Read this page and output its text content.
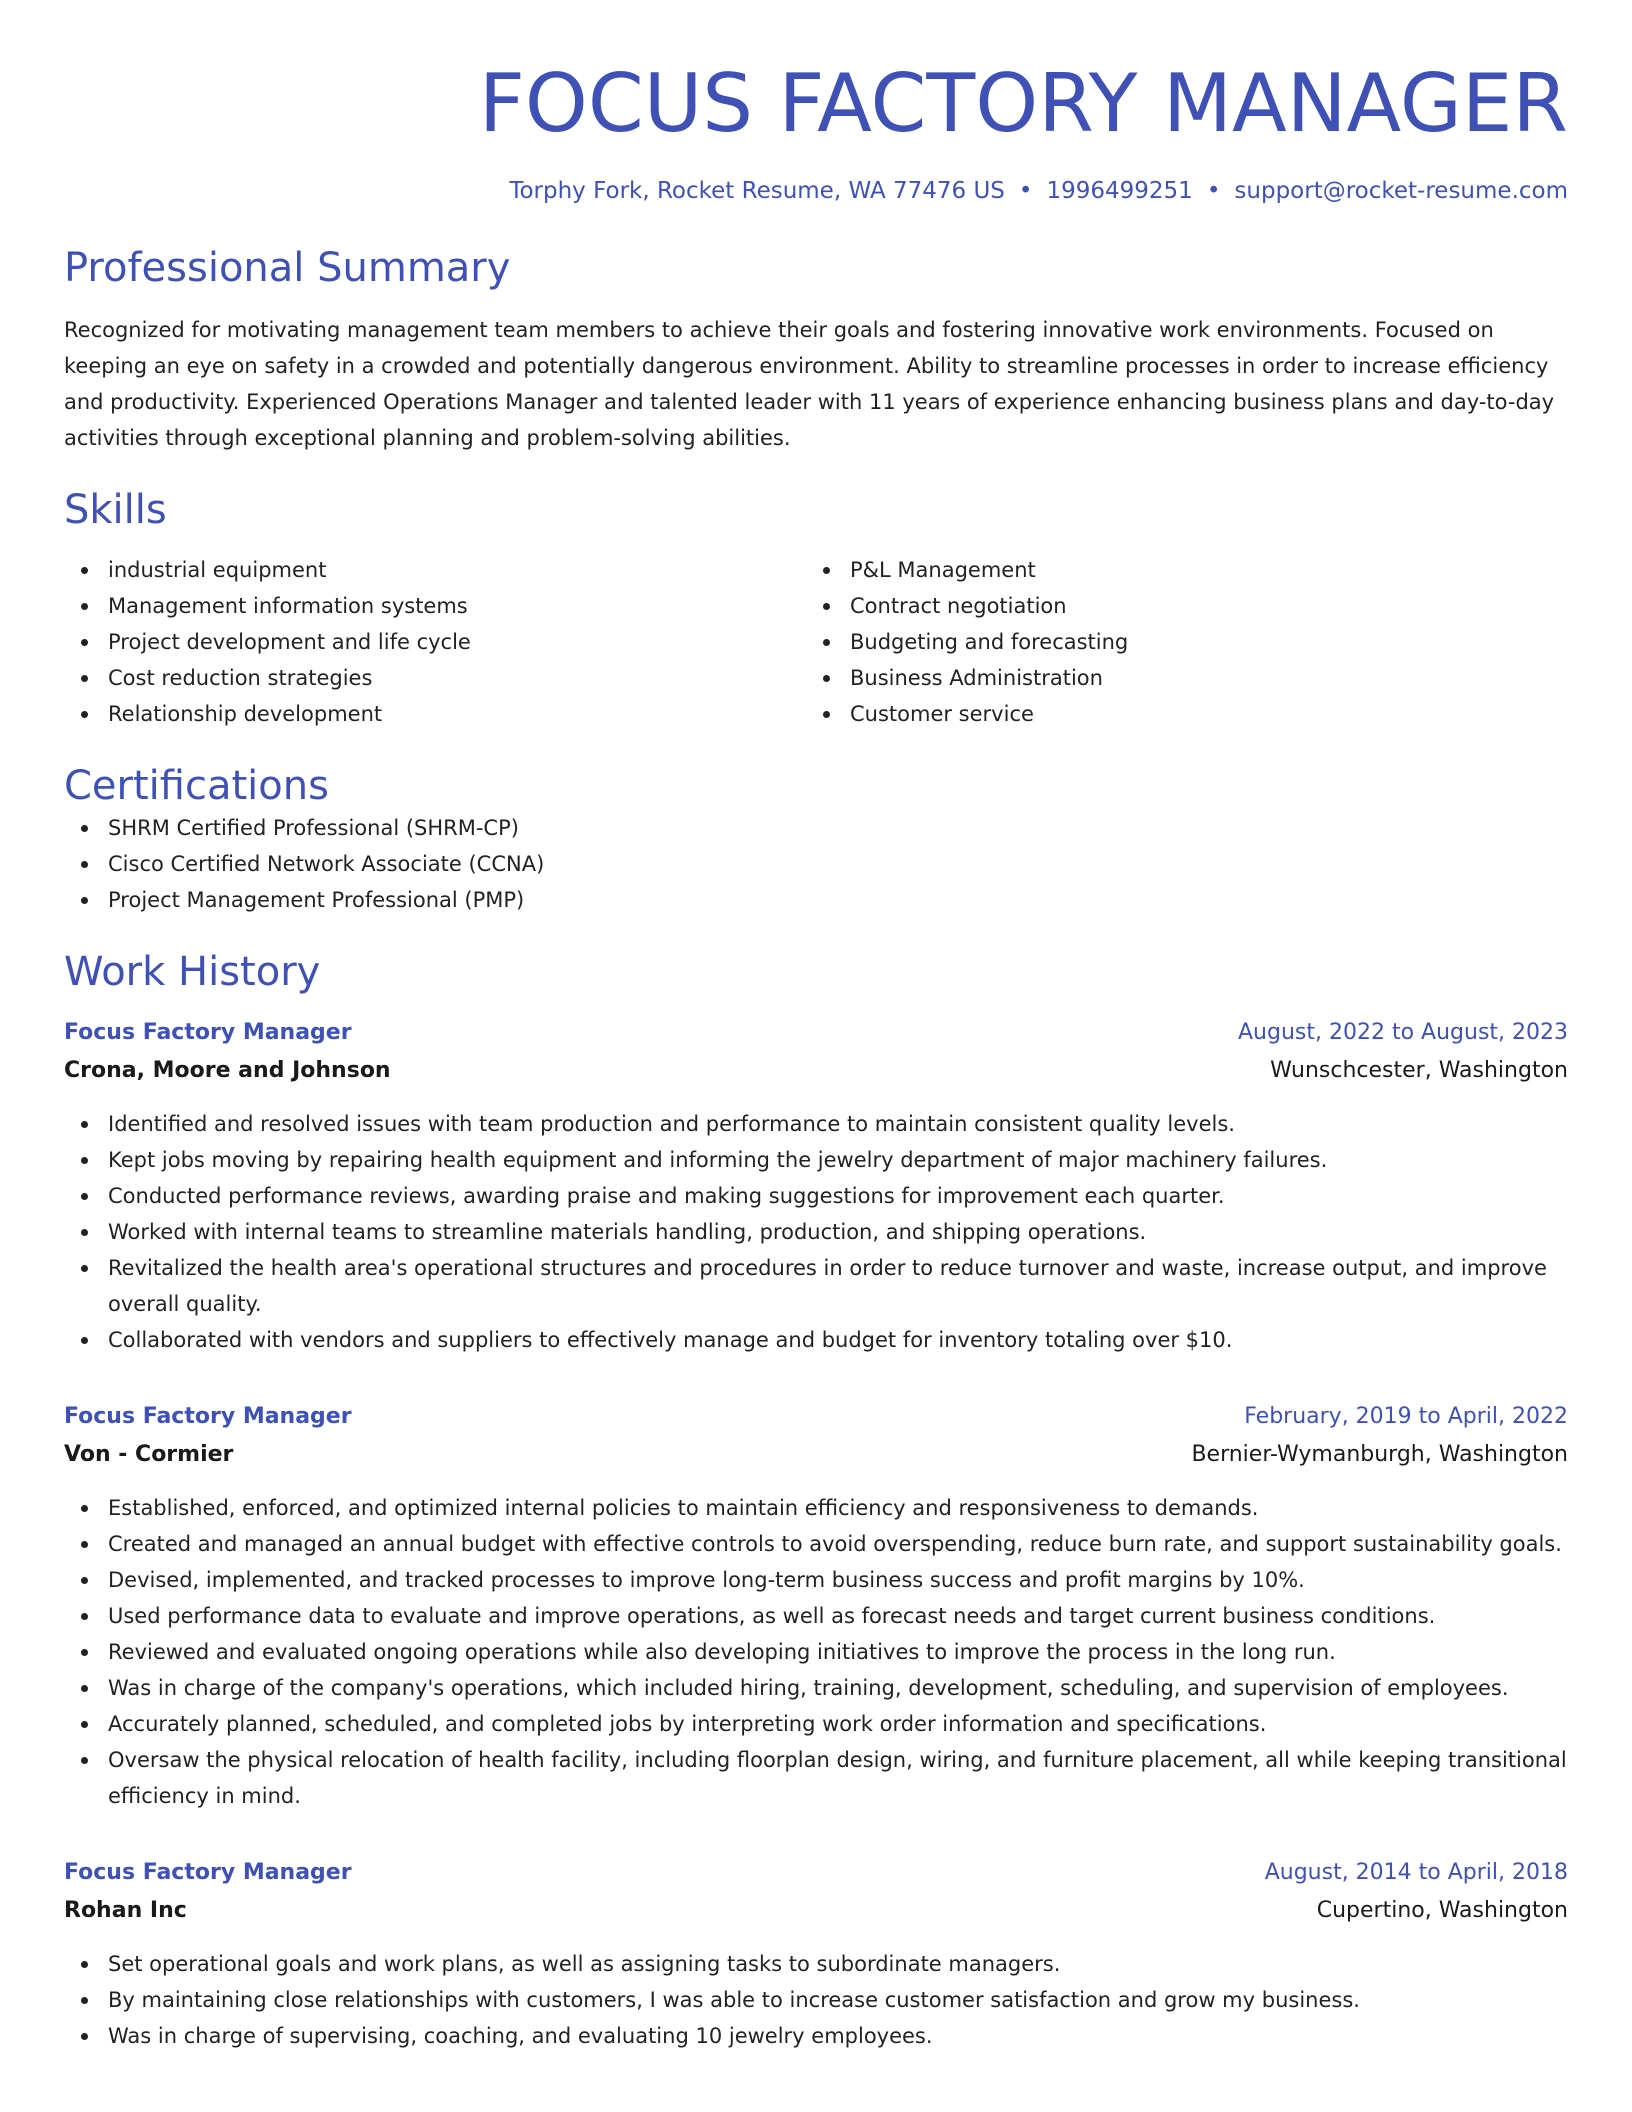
FOCUS FACTORY MANAGER
Torphy Fork, Rocket Resume, WA 77476 US • 1996499251 • support@rocket-resume.com
Professional Summary

Recognized for motivating management team members to achieve their goals and fostering innovative work environments. Focused on keeping an eye on safety in a crowded and potentially dangerous environment. Ability to streamline processes in order to increase efficiency and productivity. Experienced Operations Manager and talented leader with 11 years of experience enhancing business plans and day-to-day activities through exceptional planning and problem-solving abilities.

Skills
industrial equipment
Management information systems
Project development and life cycle
Cost reduction strategies
Relationship development
P&L Management
Contract negotiation
Budgeting and forecasting
Business Administration
Customer service
Certifications
SHRM Certified Professional (SHRM-CP)
Cisco Certified Network Associate (CCNA)
Project Management Professional (PMP)
Work History
Focus Factory Manager	August, 2022 to August, 2023
Crona, Moore and Johnson	Wunschcester, Washington
Identified and resolved issues with team production and performance to maintain consistent quality levels.
Kept jobs moving by repairing health equipment and informing the jewelry department of major machinery failures.
Conducted performance reviews, awarding praise and making suggestions for improvement each quarter.
Worked with internal teams to streamline materials handling, production, and shipping operations.
Revitalized the health area's operational structures and procedures in order to reduce turnover and waste, increase output, and improve overall quality.
Collaborated with vendors and suppliers to effectively manage and budget for inventory totaling over $10.
Focus Factory Manager	February, 2019 to April, 2022
Von - Cormier	Bernier-Wymanburgh, Washington
Established, enforced, and optimized internal policies to maintain efficiency and responsiveness to demands.
Created and managed an annual budget with effective controls to avoid overspending, reduce burn rate, and support sustainability goals.
Devised, implemented, and tracked processes to improve long-term business success and profit margins by 10%.
Used performance data to evaluate and improve operations, as well as forecast needs and target current business conditions.
Reviewed and evaluated ongoing operations while also developing initiatives to improve the process in the long run.
Was in charge of the company's operations, which included hiring, training, development, scheduling, and supervision of employees.
Accurately planned, scheduled, and completed jobs by interpreting work order information and specifications.
Oversaw the physical relocation of health facility, including floorplan design, wiring, and furniture placement, all while keeping transitional efficiency in mind.
Focus Factory Manager	August, 2014 to April, 2018
Rohan Inc	Cupertino, Washington
Set operational goals and work plans, as well as assigning tasks to subordinate managers.
By maintaining close relationships with customers, I was able to increase customer satisfaction and grow my business.
Was in charge of supervising, coaching, and evaluating 10 jewelry employees.
